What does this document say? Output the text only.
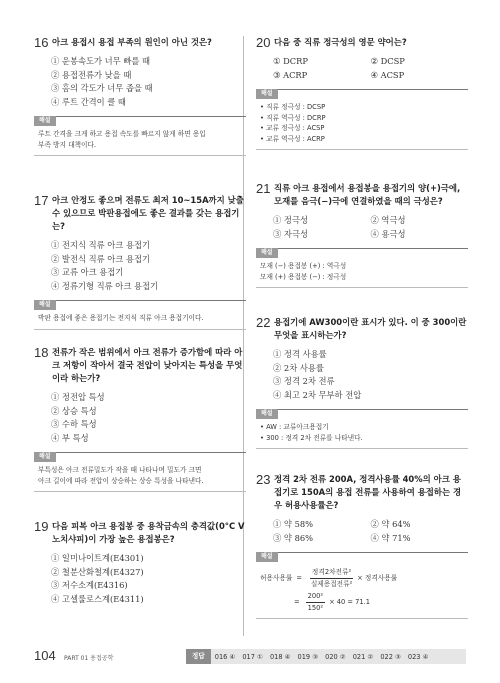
16 아크 용접시 용접 부족의 원인이 아닌 것은?
① 운봉속도가 너무 빠를 때
② 용접전류가 낮을 때
③ 홈의 각도가 너무 좁을 때
④ 루트 간격이 클 때
해설
루트 간격을 크게 하고 용접 속도를 빠르지 않게 하면 용입
부족 방지 대책이다.
17 아크 안정도 좋으며 전류도 최저 10~15A까지 낮출수 있으므로 박판용접에도 좋은 결과를 갖는 용접기는?
① 전지식 직류 아크 용접기
② 발전식 직류 아크 용접기
③ 교류 아크 용접기
④ 정류기형 직류 아크 용접기
해설
박판 용접에 좋은 용접기는 전지식 직류 아크 용접기이다.
18 전류가 작은 범위에서 아크 전류가 증가함에 따라 아크 저항이 작아서 결국 전압이 낮아지는 특성을 무엇이라 하는가?
① 정전압 특성
② 상승 특성
③ 수하 특성
④ 부 특성
해설
부특성은 아크 전류밀도가 작을 때 나타나며 밀도가 크면
아크 길이에 따라 전압이 상승하는 상승 특성을 나타낸다.
19 다음 피복 아크 용접봉 중 용착금속의 충격값(0°C V노치샤피)이 가장 높은 용접봉은?
① 일미나이트계(E4301)
② 철분산화철계(E4327)
③ 저수소계(E4316)
④ 고셀룰로스계(E4311)
20 다음 중 직류 정극성의 영문 약어는?
① DCRP	② DCSP
③ ACRP	④ ACSP
해설
• 직류 정극성 : DCSP
• 직류 역극성 : DCRP
• 교류 정극성 : ACSP
• 교류 역극성 : ACRP
21 직류 아크 용접에서 용접봉을 용접기의 양(+)극에, 모재를 음극(−)극에 연결하였을 때의 극성은?
① 정극성	② 역극성
③ 자극성	④ 용극성
해설
모재 (−) 용접봉 (+) : 역극성
모재 (+) 용접봉 (−) : 정극성
22 용접기에 AW300이란 표시가 있다. 이 중 300이란 무엇을 표시하는가?
① 정격 사용률
② 2차 사용률
③ 정격 2차 전류
④ 최고 2차 무부하 전압
해설
• AW : 교류아크용접기
• 300 : 정격 2차 전류를 나타낸다.
23 정격 2차 전류 200A, 정격사용률 40%의 아크 용접기로 150A의 용접 전류를 사용하여 용접하는 경우 허용사용률은?
① 약 58%	② 약 64%
③ 약 86%	④ 약 71%
해설
허용사용률 = $\frac{\text{정격2차전류²}}{\text{실제용접전류²}}$ × 정격사용률
= $\frac{\text{200²}}{\text{150²}} \times 40 = 71.1$
104 PART 01 용접공학	정답	016 ④ 017 ① 018 ④ 019 ③ 020 ② 021 ② 022 ③ 023 ④
